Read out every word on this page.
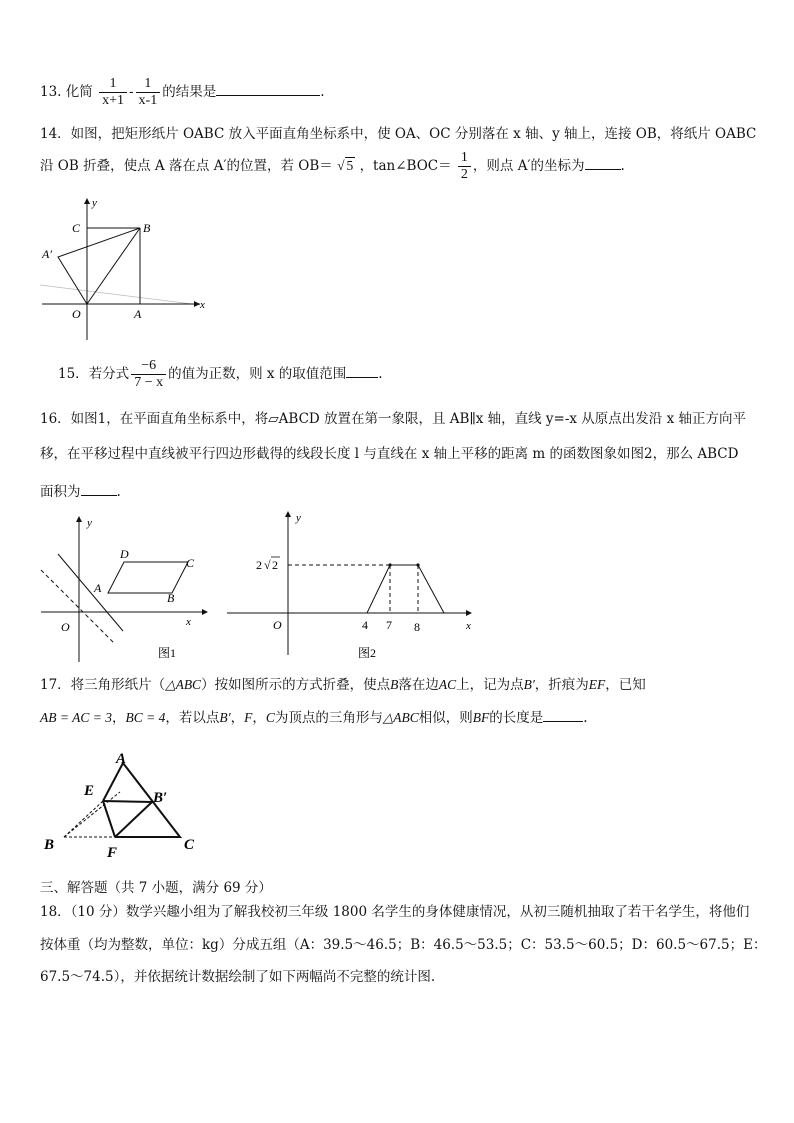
13. 化简 $\frac{1}{x+1} - \frac{1}{x-1}$ 的结果是	.
14．如图，把矩形纸片 OABC 放入平面直角坐标系中，使 OA、OC 分别落在 x 轴、y 轴上，连接 OB，将纸片 OABC
沿 OB 折叠，使点 A 落在点 A′的位置，若 OB＝ √ 5 ，tan∠BOC＝ $\frac{1}{2}$ ，则点 A′的坐标为	.
y
C	B
A′
O	A
x
15．若分式 $\frac{-6}{7 - x}$ 的值为正数，则 x 的取值范围 .
16．如图1，在平面直角坐标系中，将▱ABCD 放置在第一象限，且 AB∥x 轴，直线 y=-x 从原点出发沿 x 轴正方向平
移，在平移过程中直线被平行四边形截得的线段长度 l 与直线在 x 轴上平移的距离 m 的函数图象如图2，那么 ABCD
面积为	.
y
D
C
A
B
O	x
图1
y
2 √ 2
O	4 7 8	x
图2
17．将三角形纸片（△ABC）按如图所示的方式折叠，使点B落在边AC上，记为点B′，折痕为EF，已知
AB = AC = 3，BC = 4，若以点B′，F，C为顶点的三角形与△ABC相似，则BF的长度是	.
A
E	B′
B	F	C
三、解答题（共 7 小题，满分 69 分）
18．（10 分）数学兴趣小组为了解我校初三年级 1800 名学生的身体健康情况，从初三随机抽取了若干名学生，将他们
按体重（均为整数，单位：kg）分成五组（A：39.5～46.5；B：46.5～53.5；C：53.5～60.5；D：60.5～67.5；E：
67.5～74.5），并依据统计数据绘制了如下两幅尚不完整的统计图.
